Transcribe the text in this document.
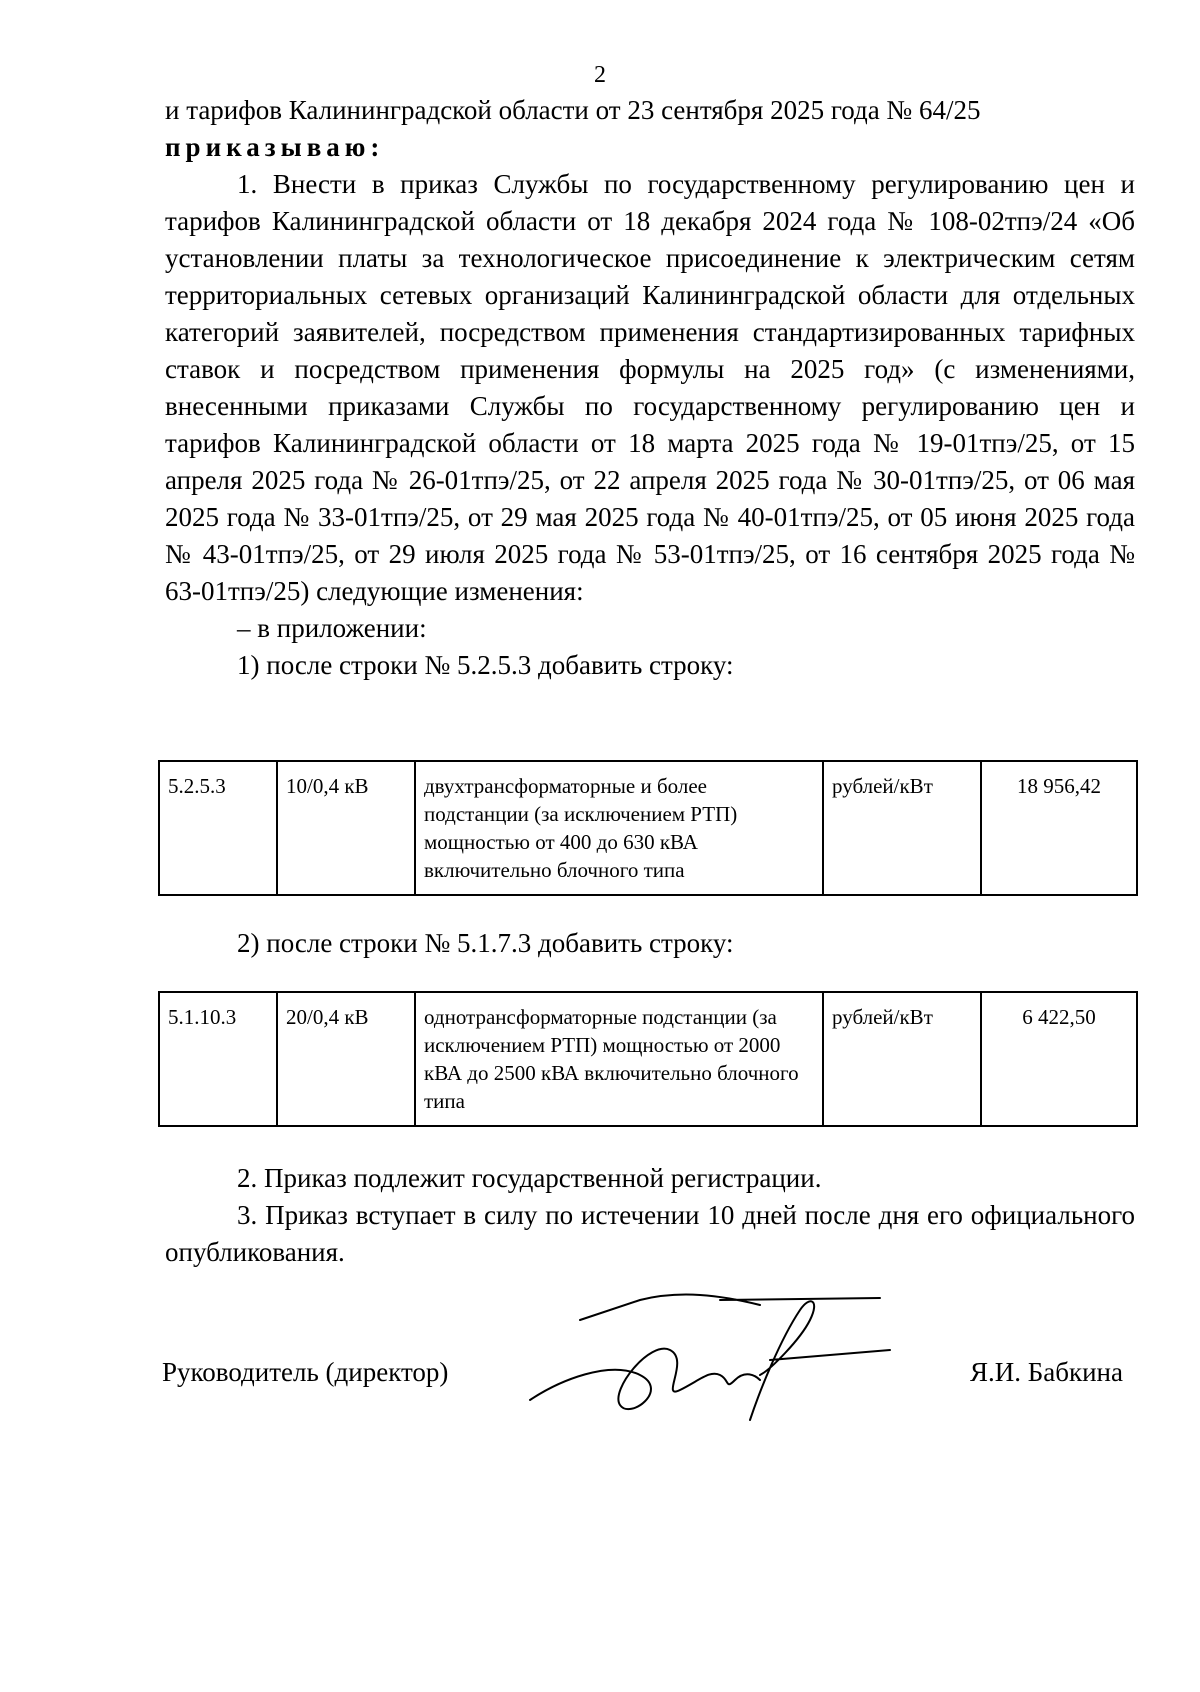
2

и тарифов Калининградской области от 23 сентября 2025 года № 64/25

приказываю:

1. Внести в приказ Службы по государственному регулированию цен и тарифов Калининградской области от 18 декабря 2024 года № 108-02тпэ/24 «Об установлении платы за технологическое присоединение к электрическим сетям территориальных сетевых организаций Калининградской области для отдельных категорий заявителей, посредством применения стандартизированных тарифных ставок и посредством применения формулы на 2025 год» (с изменениями, внесенными приказами Службы по государственному регулированию цен и тарифов Калининградской области от 18 марта 2025 года № 19-01тпэ/25, от 15 апреля 2025 года № 26-01тпэ/25, от 22 апреля 2025 года № 30-01тпэ/25, от 06 мая 2025 года № 33-01тпэ/25, от 29 мая 2025 года № 40-01тпэ/25, от 05 июня 2025 года № 43-01тпэ/25, от 29 июля 2025 года № 53-01тпэ/25, от 16 сентября 2025 года № 63-01тпэ/25) следующие изменения:

– в приложении:

1) после строки № 5.2.5.3 добавить строку:

5.2.5.3	10/0,4 кВ	двухтрансформаторные и более подстанции (за исключением РТП) мощностью от 400 до 630 кВА включительно блочного типа	рублей/кВт	18 956,42
2) после строки № 5.1.7.3 добавить строку:
5.1.10.3	20/0,4 кВ	однотрансформаторные подстанции (за исключением РТП) мощностью от 2000 кВА до 2500 кВА включительно блочного типа	рублей/кВт	6 422,50

2. Приказ подлежит государственной регистрации.

3. Приказ вступает в силу по истечении 10 дней после дня его официального опубликования.

Руководитель (директор)	Я.И. Бабкина
